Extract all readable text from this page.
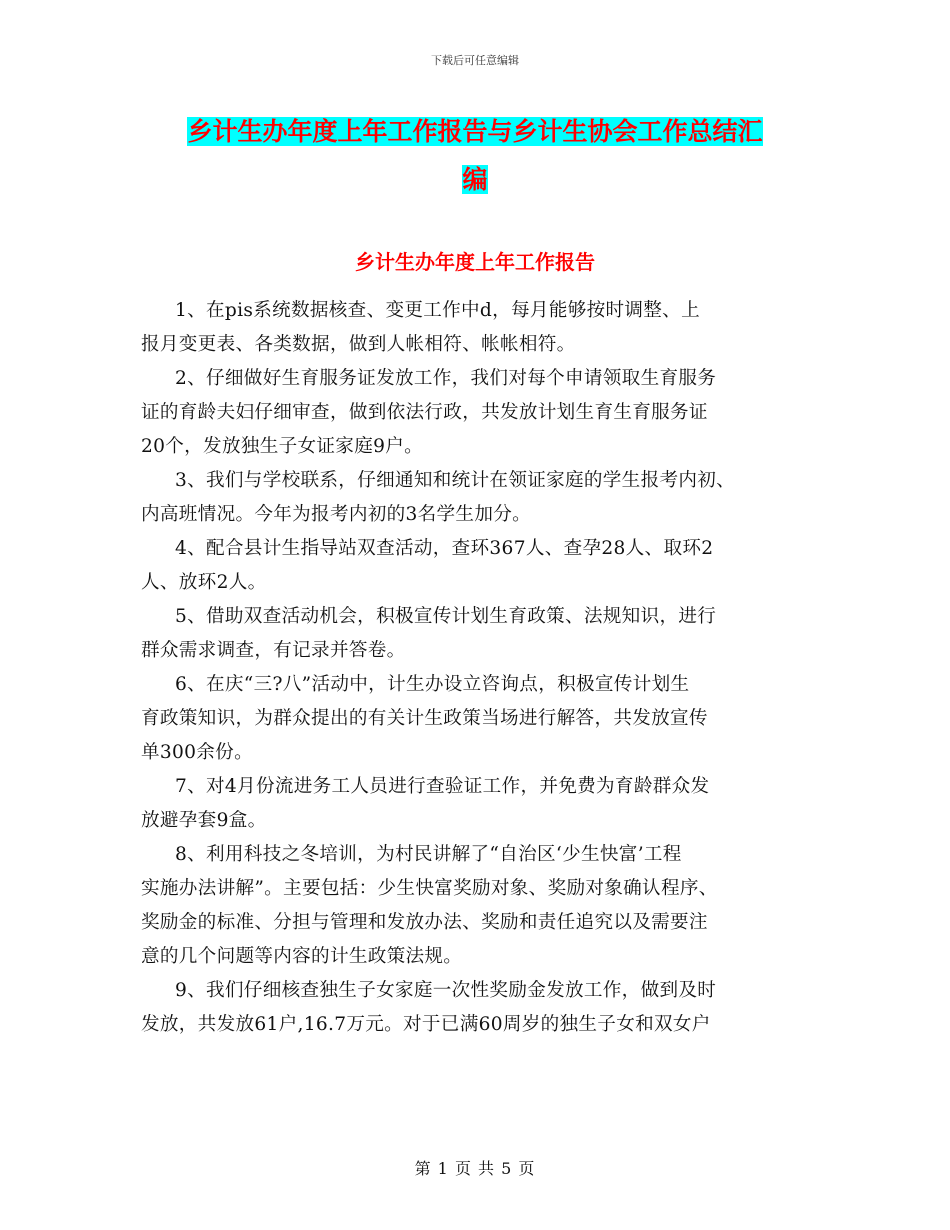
下载后可任意编辑
乡计生办年度上年工作报告与乡计生协会工作总结汇
编
乡计生办年度上年工作报告
1、在pis系统数据核查、变更工作中d，每月能够按时调整、上
报月变更表、各类数据，做到人帐相符、帐帐相符。
2、仔细做好生育服务证发放工作，我们对每个申请领取生育服务
证的育龄夫妇仔细审查，做到依法行政，共发放计划生育生育服务证
20个，发放独生子女证家庭9户。
3、我们与学校联系，仔细通知和统计在领证家庭的学生报考内初、
内高班情况。今年为报考内初的3名学生加分。
4、配合县计生指导站双查活动，查环367人、查孕28人、取环2
人、放环2人。
5、借助双查活动机会，积极宣传计划生育政策、法规知识，进行
群众需求调查，有记录并答卷。
6、在庆“三?八”活动中，计生办设立咨询点，积极宣传计划生
育政策知识，为群众提出的有关计生政策当场进行解答，共发放宣传
单300余份。
7、对4月份流进务工人员进行查验证工作，并免费为育龄群众发
放避孕套9盒。
8、利用科技之冬培训，为村民讲解了“自治区‘少生快富’工程
实施办法讲解”。主要包括：少生快富奖励对象、奖励对象确认程序、
奖励金的标准、分担与管理和发放办法、奖励和责任追究以及需要注
意的几个问题等内容的计生政策法规。
9、我们仔细核查独生子女家庭一次性奖励金发放工作，做到及时
发放，共发放61户,16.7万元。对于已满60周岁的独生子女和双女户
第 1 页 共 5 页
